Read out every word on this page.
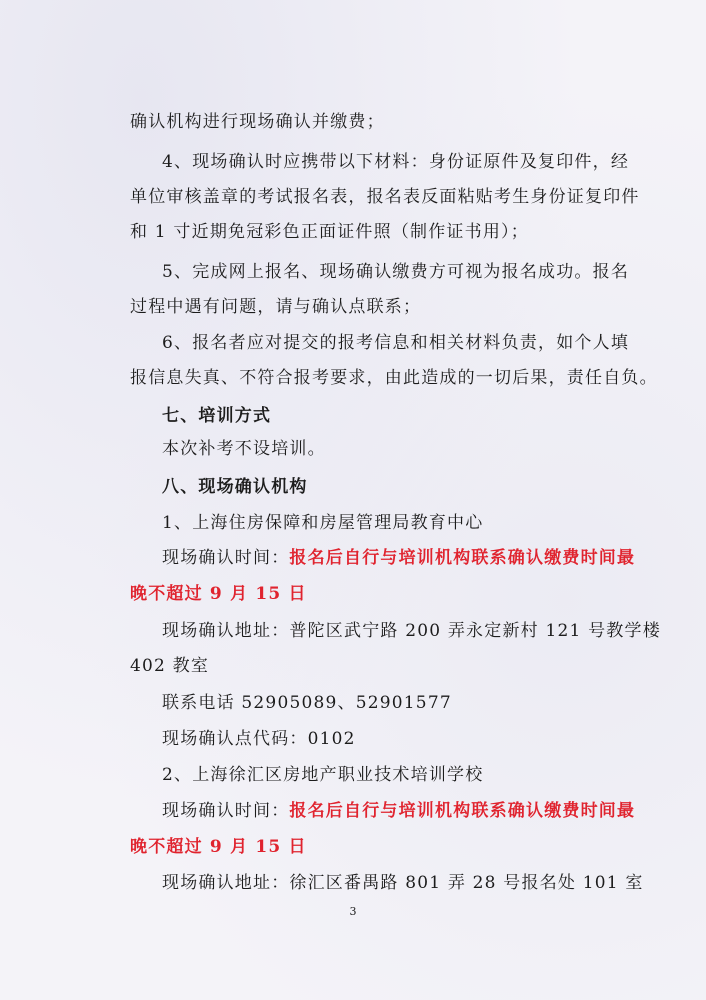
确认机构进行现场确认并缴费；
4、现场确认时应携带以下材料：身份证原件及复印件，经
单位审核盖章的考试报名表，报名表反面粘贴考生身份证复印件
和 1 寸近期免冠彩色正面证件照（制作证书用）；
5、完成网上报名、现场确认缴费方可视为报名成功。报名
过程中遇有问题，请与确认点联系；
6、报名者应对提交的报考信息和相关材料负责，如个人填
报信息失真、不符合报考要求，由此造成的一切后果，责任自负。
七、培训方式
本次补考不设培训。
八、现场确认机构
1、上海住房保障和房屋管理局教育中心
现场确认时间：报名后自行与培训机构联系确认缴费时间最
晚不超过 9 月 15 日
现场确认地址：普陀区武宁路 200 弄永定新村 121 号教学楼
402 教室
联系电话 52905089、52901577
现场确认点代码：0102
2、上海徐汇区房地产职业技术培训学校
现场确认时间：报名后自行与培训机构联系确认缴费时间最
晚不超过 9 月 15 日
现场确认地址：徐汇区番禺路 801 弄 28 号报名处 101 室
3
